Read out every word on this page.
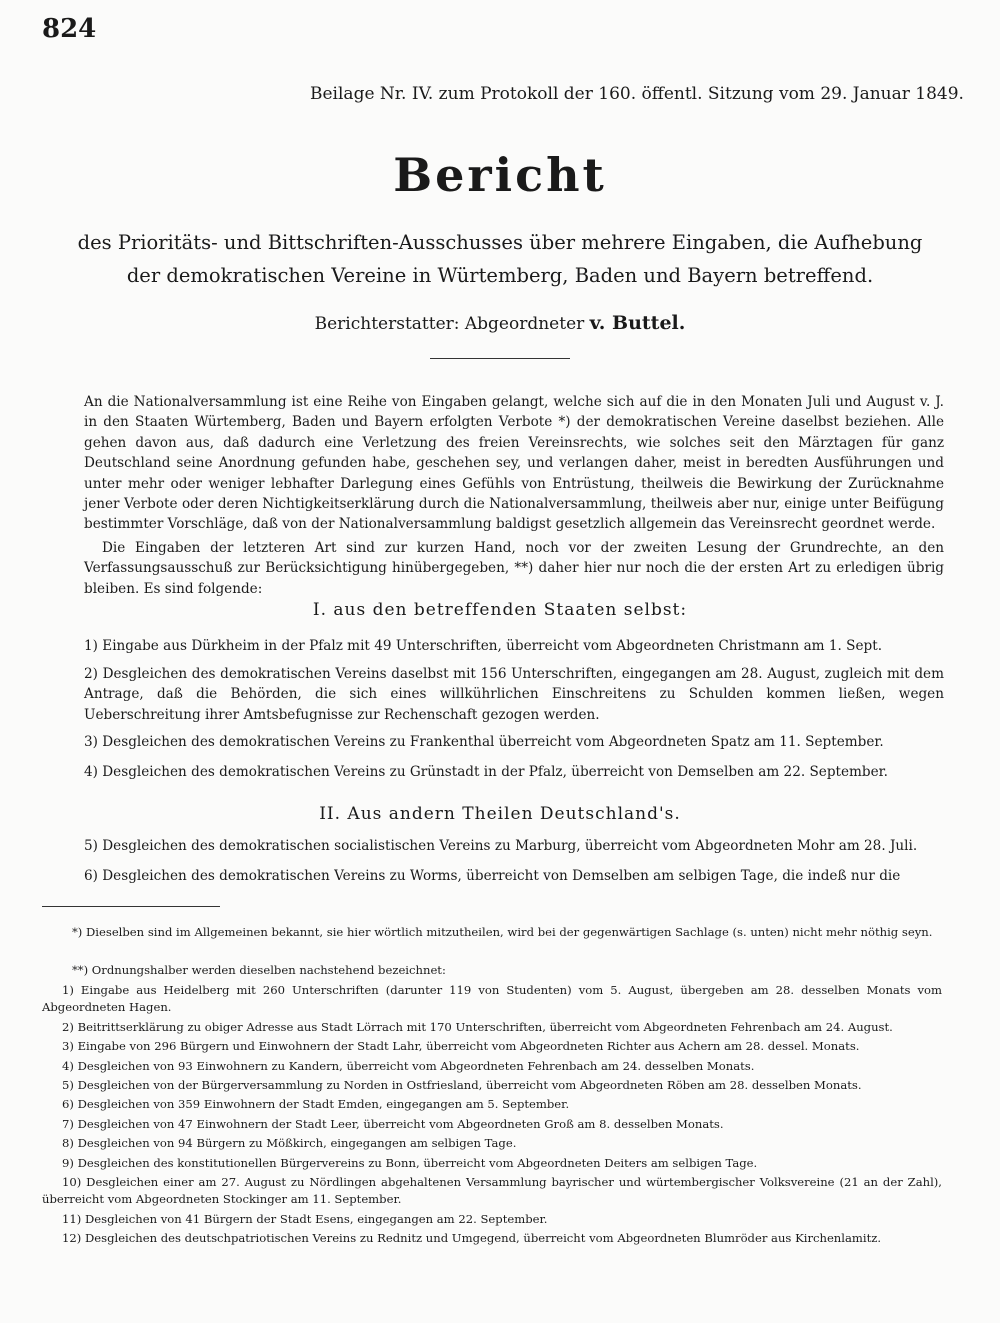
824
Beilage Nr. IV. zum Protokoll der 160. öffentl. Sitzung vom 29. Januar 1849.
Bericht
des Prioritäts- und Bittschriften-Ausschusses über mehrere Eingaben, die Aufhebung der demokratischen Vereine in Würtemberg, Baden und Bayern betreffend.
Berichterstatter: Abgeordneter v. Buttel.
An die Nationalversammlung ist eine Reihe von Eingaben gelangt, welche sich auf die in den Monaten Juli und August v. J. in den Staaten Würtemberg, Baden und Bayern erfolgten Verbote *) der demokratischen Vereine daselbst beziehen. Alle gehen davon aus, daß dadurch eine Verletzung des freien Vereinsrechts, wie solches seit den Märztagen für ganz Deutschland seine Anordnung gefunden habe, geschehen sey, und verlangen daher, meist in beredten Ausführungen und unter mehr oder weniger lebhafter Darlegung eines Gefühls von Entrüstung, theilweis die Bewirkung der Zurücknahme jener Verbote oder deren Nichtigkeitserklärung durch die Nationalversammlung, theilweis aber nur, einige unter Beifügung bestimmter Vorschläge, daß von der Nationalversammlung baldigst gesetzlich allgemein das Vereinsrecht geordnet werde.
Die Eingaben der letzteren Art sind zur kurzen Hand, noch vor der zweiten Lesung der Grundrechte, an den Verfassungsausschuß zur Berücksichtigung hinübergegeben, **) daher hier nur noch die der ersten Art zu erledigen übrig bleiben. Es sind folgende:
I. aus den betreffenden Staaten selbst:
1) Eingabe aus Dürkheim in der Pfalz mit 49 Unterschriften, überreicht vom Abgeordneten Christmann am 1. Sept.
2) Desgleichen des demokratischen Vereins daselbst mit 156 Unterschriften, eingegangen am 28. August, zugleich mit dem Antrage, daß die Behörden, die sich eines willkührlichen Einschreitens zu Schulden kommen ließen, wegen Ueberschreitung ihrer Amtsbefugnisse zur Rechenschaft gezogen werden.
3) Desgleichen des demokratischen Vereins zu Frankenthal überreicht vom Abgeordneten Spatz am 11. September.
4) Desgleichen des demokratischen Vereins zu Grünstadt in der Pfalz, überreicht von Demselben am 22. September.
II. Aus andern Theilen Deutschland's.
5) Desgleichen des demokratischen socialistischen Vereins zu Marburg, überreicht vom Abgeordneten Mohr am 28. Juli.
6) Desgleichen des demokratischen Vereins zu Worms, überreicht von Demselben am selbigen Tage, die indeß nur die
*) Dieselben sind im Allgemeinen bekannt, sie hier wörtlich mitzutheilen, wird bei der gegenwärtigen Sachlage (s. unten) nicht mehr nöthig seyn.
**) Ordnungshalber werden dieselben nachstehend bezeichnet:
1) Eingabe aus Heidelberg mit 260 Unterschriften (darunter 119 von Studenten) vom 5. August, übergeben am 28. desselben Monats vom Abgeordneten Hagen.
2) Beitrittserklärung zu obiger Adresse aus Stadt Lörrach mit 170 Unterschriften, überreicht vom Abgeordneten Fehrenbach am 24. August.
3) Eingabe von 296 Bürgern und Einwohnern der Stadt Lahr, überreicht vom Abgeordneten Richter aus Achern am 28. dessel. Monats.
4) Desgleichen von 93 Einwohnern zu Kandern, überreicht vom Abgeordneten Fehrenbach am 24. desselben Monats.
5) Desgleichen von der Bürgerversammlung zu Norden in Ostfriesland, überreicht vom Abgeordneten Röben am 28. desselben Monats.
6) Desgleichen von 359 Einwohnern der Stadt Emden, eingegangen am 5. September.
7) Desgleichen von 47 Einwohnern der Stadt Leer, überreicht vom Abgeordneten Groß am 8. desselben Monats.
8) Desgleichen von 94 Bürgern zu Mößkirch, eingegangen am selbigen Tage.
9) Desgleichen des konstitutionellen Bürgervereins zu Bonn, überreicht vom Abgeordneten Deiters am selbigen Tage.
10) Desgleichen einer am 27. August zu Nördlingen abgehaltenen Versammlung bayrischer und würtembergischer Volksvereine (21 an der Zahl), überreicht vom Abgeordneten Stockinger am 11. September.
11) Desgleichen von 41 Bürgern der Stadt Esens, eingegangen am 22. September.
12) Desgleichen des deutschpatriotischen Vereins zu Rednitz und Umgegend, überreicht vom Abgeordneten Blumröder aus Kirchenlamitz.
